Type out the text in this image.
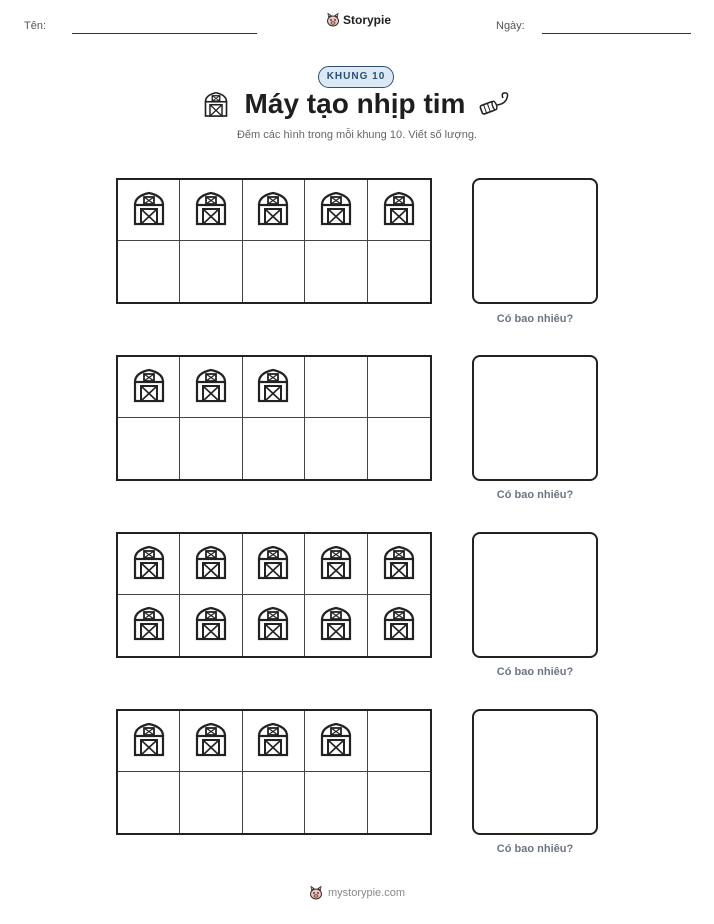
Tên:	Storypie	Ngày:
KHUNG 10
Máy tạo nhịp tim
Đếm các hình trong mỗi khung 10. Viết số lượng.
Có bao nhiêu?
Có bao nhiêu?
Có bao nhiêu?
Có bao nhiêu?
mystorypie.com
